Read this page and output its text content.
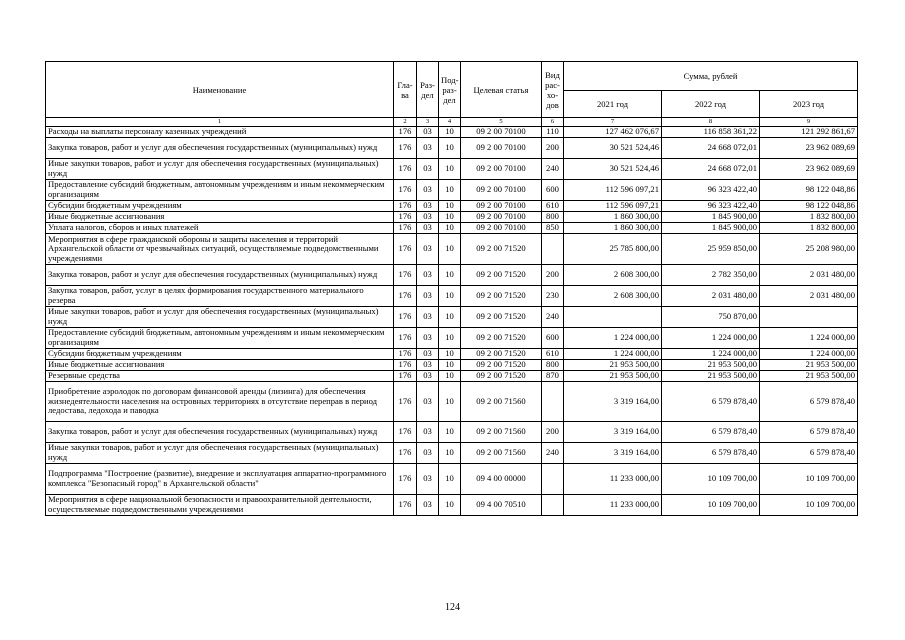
Наименование	Гла-ва	Раз-дел	Под-раз-дел	Целевая статья	Вид рас-хо-дов	Сумма, рублей		
						2021 год	2022 год	2023 год
1	2	3	4	5	6	7	8	9
Расходы на выплаты персоналу казенных учреждений	176	03	10	09 2 00 70100	110	127 462 076,67	116 858 361,22	121 292 861,67
Закупка товаров, работ и услуг для обеспечения государственных (муниципальных) нужд	176	03	10	09 2 00 70100	200	30 521 524,46	24 668 072,01	23 962 089,69
Иные закупки товаров, работ и услуг для обеспечения государственных (муниципальных) нужд	176	03	10	09 2 00 70100	240	30 521 524,46	24 668 072,01	23 962 089,69
Предоставление субсидий бюджетным, автономным учреждениям и иным некоммерческим организациям	176	03	10	09 2 00 70100	600	112 596 097,21	96 323 422,40	98 122 048,86
Субсидии бюджетным учреждениям	176	03	10	09 2 00 70100	610	112 596 097,21	96 323 422,40	98 122 048,86
Иные бюджетные ассигнования	176	03	10	09 2 00 70100	800	1 860 300,00	1 845 900,00	1 832 800,00
Уплата налогов, сборов и иных платежей	176	03	10	09 2 00 70100	850	1 860 300,00	1 845 900,00	1 832 800,00
Мероприятия в сфере гражданской обороны и защиты населения и территорий Архангельской области от чрезвычайных ситуаций, осуществляемые подведомственными учреждениями	176	03	10	09 2 00 71520		25 785 800,00	25 959 850,00	25 208 980,00
Закупка товаров, работ и услуг для обеспечения государственных (муниципальных) нужд	176	03	10	09 2 00 71520	200	2 608 300,00	2 782 350,00	2 031 480,00
Закупка товаров, работ, услуг в целях формирования государственного материального резерва	176	03	10	09 2 00 71520	230	2 608 300,00	2 031 480,00	2 031 480,00
Иные закупки товаров, работ и услуг для обеспечения государственных (муниципальных) нужд	176	03	10	09 2 00 71520	240		750 870,00	
Предоставление субсидий бюджетным, автономным учреждениям и иным некоммерческим организациям	176	03	10	09 2 00 71520	600	1 224 000,00	1 224 000,00	1 224 000,00
Субсидии бюджетным учреждениям	176	03	10	09 2 00 71520	610	1 224 000,00	1 224 000,00	1 224 000,00
Иные бюджетные ассигнования	176	03	10	09 2 00 71520	800	21 953 500,00	21 953 500,00	21 953 500,00
Резервные средства	176	03	10	09 2 00 71520	870	21 953 500,00	21 953 500,00	21 953 500,00
Приобретение аэролодок по договорам финансовой аренды (лизинга) для обеспечения жизнедеятельности населения на островных территориях в отсутствие переправ в период ледостава, ледохода и паводка	176	03	10	09 2 00 71560		3 319 164,00	6 579 878,40	6 579 878,40
Закупка товаров, работ и услуг для обеспечения государственных (муниципальных) нужд	176	03	10	09 2 00 71560	200	3 319 164,00	6 579 878,40	6 579 878,40
Иные закупки товаров, работ и услуг для обеспечения государственных (муниципальных) нужд	176	03	10	09 2 00 71560	240	3 319 164,00	6 579 878,40	6 579 878,40
Подпрограмма "Построение (развитие), внедрение и эксплуатация аппаратно-программного комплекса "Безопасный город" в Архангельской области"	176	03	10	09 4 00 00000		11 233 000,00	10 109 700,00	10 109 700,00
Мероприятия в сфере национальной безопасности и правоохранительной деятельности, осуществляемые подведомственными учреждениями	176	03	10	09 4 00 70510		11 233 000,00	10 109 700,00	10 109 700,00
124
